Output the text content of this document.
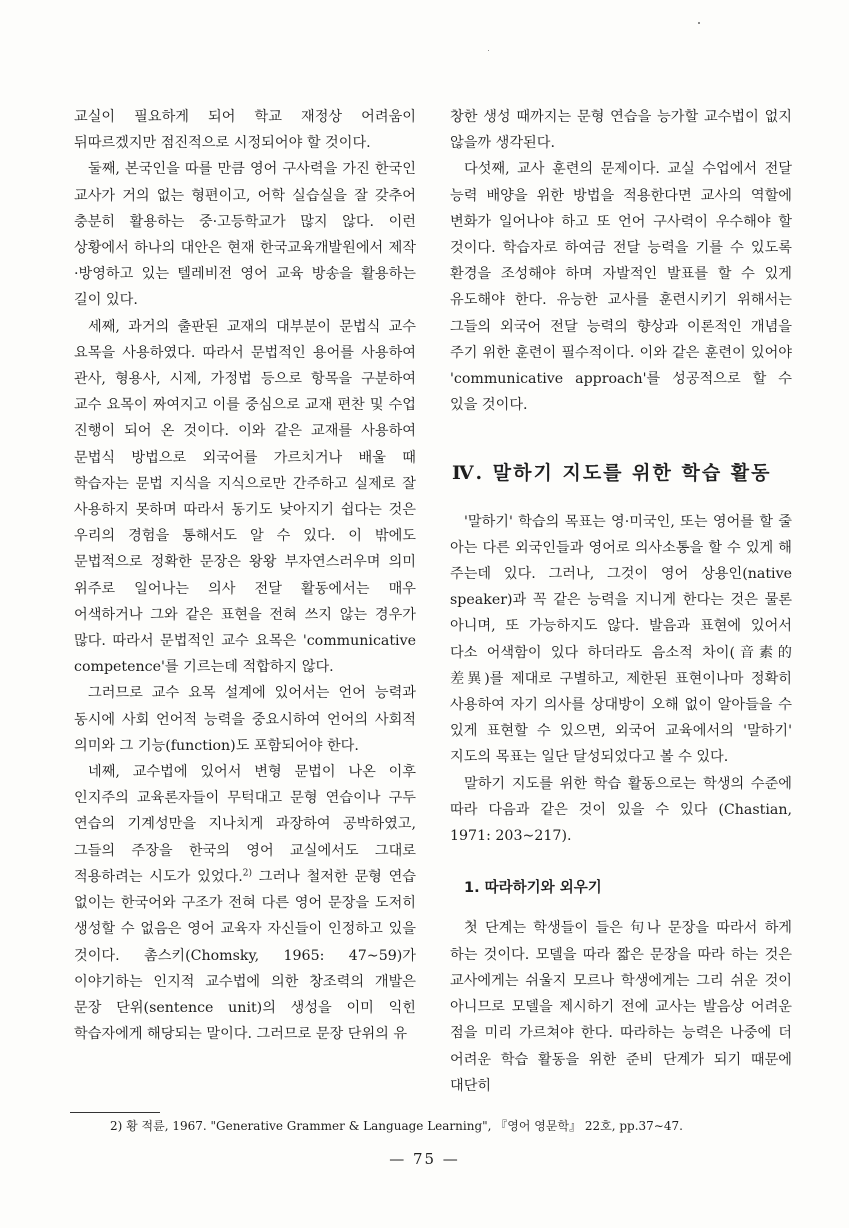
교실이 필요하게 되어 학교 재정상 어려움이 뒤따르겠지만 점진적으로 시정되어야 할 것이다.

둘째, 본국인을 따를 만큼 영어 구사력을 가진 한국인 교사가 거의 없는 형편이고, 어학 실습실을 잘 갖추어 충분히 활용하는 중·고등학교가 많지 않다. 이런 상황에서 하나의 대안은 현재 한국교육개발원에서 제작·방영하고 있는 텔레비전 영어 교육 방송을 활용하는 길이 있다.

세째, 과거의 출판된 교재의 대부분이 문법식 교수 요목을 사용하였다. 따라서 문법적인 용어를 사용하여 관사, 형용사, 시제, 가정법 등으로 항목을 구분하여 교수 요목이 짜여지고 이를 중심으로 교재 편찬 및 수업 진행이 되어 온 것이다. 이와 같은 교재를 사용하여 문법식 방법으로 외국어를 가르치거나 배울 때 학습자는 문법 지식을 지식으로만 간주하고 실제로 잘 사용하지 못하며 따라서 동기도 낮아지기 쉽다는 것은 우리의 경험을 통해서도 알 수 있다. 이 밖에도 문법적으로 정확한 문장은 왕왕 부자연스러우며 의미 위주로 일어나는 의사 전달 활동에서는 매우 어색하거나 그와 같은 표현을 전혀 쓰지 않는 경우가 많다. 따라서 문법적인 교수 요목은 'communicative competence'를 기르는데 적합하지 않다.

그러므로 교수 요목 설계에 있어서는 언어 능력과 동시에 사회 언어적 능력을 중요시하여 언어의 사회적 의미와 그 기능(function)도 포함되어야 한다.

네째, 교수법에 있어서 변형 문법이 나온 이후 인지주의 교육론자들이 무턱대고 문형 연습이나 구두 연습의 기계성만을 지나치게 과장하여 공박하였고, 그들의 주장을 한국의 영어 교실에서도 그대로 적용하려는 시도가 있었다.$^{2)}$ 그러나 철저한 문형 연습 없이는 한국어와 구조가 전혀 다른 영어 문장을 도저히 생성할 수 없음은 영어 교육자 자신들이 인정하고 있을 것이다. 촘스키(Chomsky, 1965: 47∼59)가 이야기하는 인지적 교수법에 의한 창조력의 개발은 문장 단위(sentence unit)의 생성을 이미 익힌 학습자에게 해당되는 말이다. 그러므로 문장 단위의 유

창한 생성 때까지는 문형 연습을 능가할 교수법이 없지 않을까 생각된다.

다섯째, 교사 훈련의 문제이다. 교실 수업에서 전달 능력 배양을 위한 방법을 적용한다면 교사의 역할에 변화가 일어나야 하고 또 언어 구사력이 우수해야 할 것이다. 학습자로 하여금 전달 능력을 기를 수 있도록 환경을 조성해야 하며 자발적인 발표를 할 수 있게 유도해야 한다. 유능한 교사를 훈련시키기 위해서는 그들의 외국어 전달 능력의 향상과 이론적인 개념을 주기 위한 훈련이 필수적이다. 이와 같은 훈련이 있어야 'communicative approach'를 성공적으로 할 수 있을 것이다.

Ⅳ. 말하기 지도를 위한 학습 활동

'말하기' 학습의 목표는 영·미국인, 또는 영어를 할 줄 아는 다른 외국인들과 영어로 의사소통을 할 수 있게 해 주는데 있다. 그러나, 그것이 영어 상용인(native speaker)과 꼭 같은 능력을 지니게 한다는 것은 물론 아니며, 또 가능하지도 않다. 발음과 표현에 있어서 다소 어색함이 있다 하더라도 음소적 차이(音素的 差異)를 제대로 구별하고, 제한된 표현이나마 정확히 사용하여 자기 의사를 상대방이 오해 없이 알아들을 수 있게 표현할 수 있으면, 외국어 교육에서의 '말하기' 지도의 목표는 일단 달성되었다고 볼 수 있다.

말하기 지도를 위한 학습 활동으로는 학생의 수준에 따라 다음과 같은 것이 있을 수 있다 (Chastian, 1971: 203∼217).

1. 따라하기와 외우기

첫 단계는 학생들이 들은 句나 문장을 따라서 하게 하는 것이다. 모델을 따라 짧은 문장을 따라 하는 것은 교사에게는 쉬울지 모르나 학생에게는 그리 쉬운 것이 아니므로 모델을 제시하기 전에 교사는 발음상 어려운 점을 미리 가르쳐야 한다. 따라하는 능력은 나중에 더 어려운 학습 활동을 위한 준비 단계가 되기 때문에 대단히

2) 황 적륜, 1967. "Generative Grammer & Language Learning", 『영어 영문학』 22호, pp.37∼47.
— 75 —
